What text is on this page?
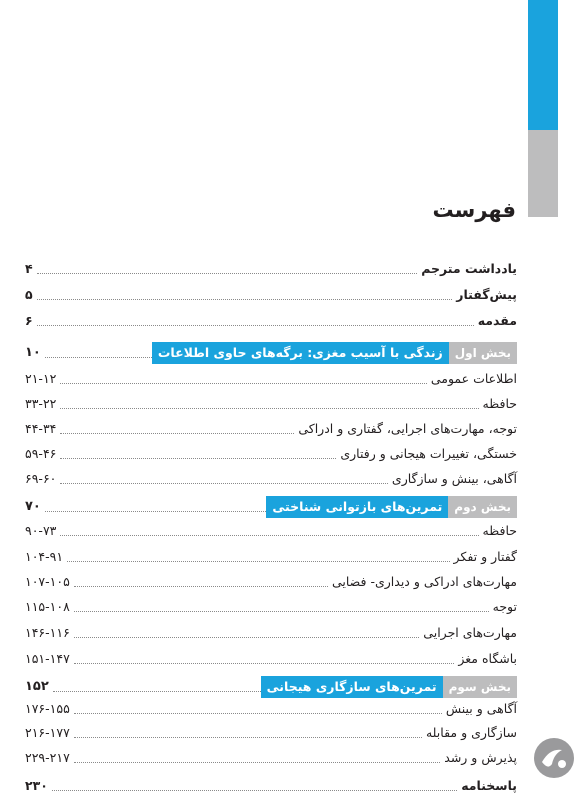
فهرست
یادداشت مترجم
۴
پیش‌گفتار
۵
مقدمه
۶
بخش اول
زندگی با آسیب مغزی: برگه‌های حاوی اطلاعات
۱۰
اطلاعات عمومی
۲۱-۱۲
حافظه
۳۳-۲۲
توجه، مهارت‌های اجرایی، گفتاری و ادراکی
۴۴-۳۴
خستگی، تغییرات هیجانی و رفتاری
۵۹-۴۶
آگاهی، بینش و سازگاری
۶۹-۶۰
بخش دوم
تمرین‌های بازتوانی شناختی
۷۰
حافظه
۹۰-۷۳
گفتار و تفکر
۱۰۴-۹۱
مهارت‌های ادراکی و دیداری- فضایی
۱۰۷-۱۰۵
توجه
۱۱۵-۱۰۸
مهارت‌های اجرایی
۱۴۶-۱۱۶
باشگاه مغز
۱۵۱-۱۴۷
بخش سوم
تمرین‌های سازگاری هیجانی
۱۵۲
آگاهی و بینش
۱۷۶-۱۵۵
سازگاری و مقابله
۲۱۶-۱۷۷
پذیرش و رشد
۲۲۹-۲۱۷
پاسخنامه
۲۳۰
